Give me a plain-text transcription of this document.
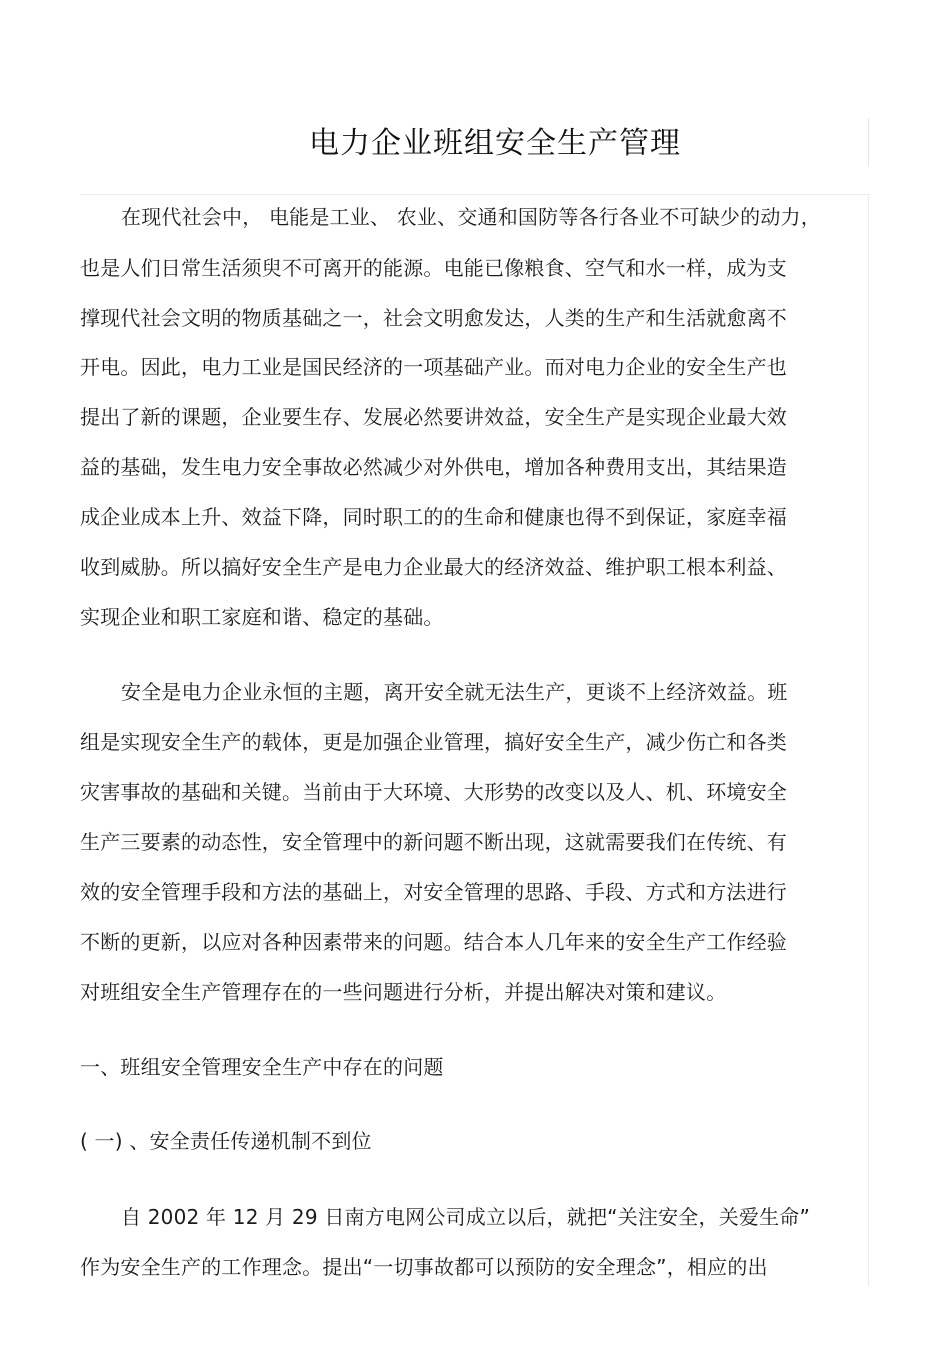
电力企业班组安全生产管理
在现代社会中， 电能是工业、 农业、交通和国防等各行各业不可缺少的动力，
也是人们日常生活须臾不可离开的能源。电能已像粮食、空气和水一样，成为支
撑现代社会文明的物质基础之一，社会文明愈发达，人类的生产和生活就愈离不
开电。因此，电力工业是国民经济的一项基础产业。而对电力企业的安全生产也
提出了新的课题，企业要生存、发展必然要讲效益，安全生产是实现企业最大效
益的基础，发生电力安全事故必然减少对外供电，增加各种费用支出，其结果造
成企业成本上升、效益下降，同时职工的的生命和健康也得不到保证，家庭幸福
收到威胁。所以搞好安全生产是电力企业最大的经济效益、维护职工根本利益、
实现企业和职工家庭和谐、稳定的基础。
安全是电力企业永恒的主题，离开安全就无法生产，更谈不上经济效益。班
组是实现安全生产的载体，更是加强企业管理，搞好安全生产，减少伤亡和各类
灾害事故的基础和关键。当前由于大环境、大形势的改变以及人、机、环境安全
生产三要素的动态性，安全管理中的新问题不断出现，这就需要我们在传统、有
效的安全管理手段和方法的基础上，对安全管理的思路、手段、方式和方法进行
不断的更新，以应对各种因素带来的问题。结合本人几年来的安全生产工作经验
对班组安全生产管理存在的一些问题进行分析，并提出解决对策和建议。
一、班组安全管理安全生产中存在的问题
( 一) 、安全责任传递机制不到位
自 2002 年 12 月 29 日南方电网公司成立以后，就把“关注安全，关爱生命”
作为安全生产的工作理念。提出“一切事故都可以预防的安全理念”，相应的出
